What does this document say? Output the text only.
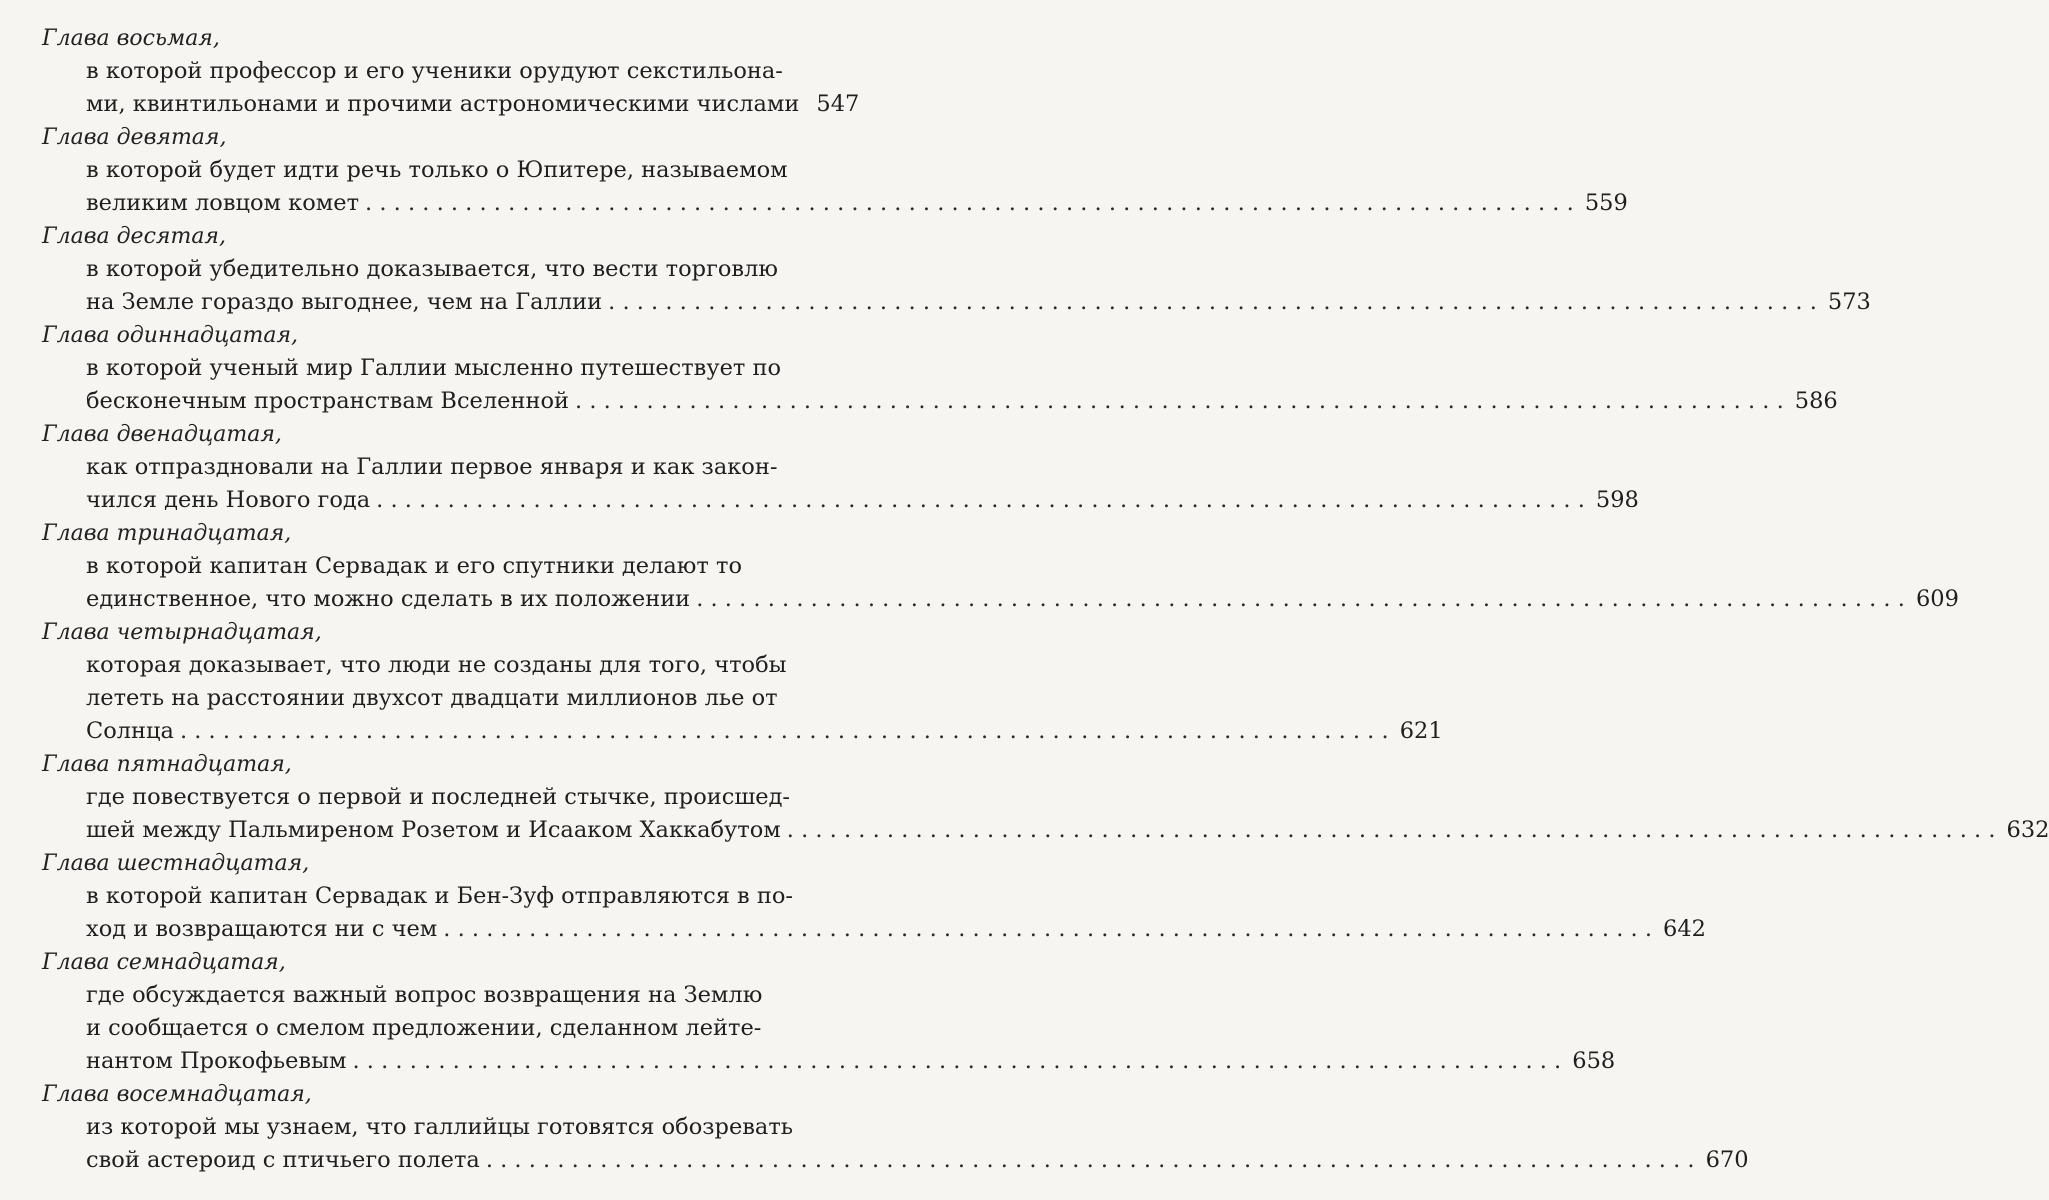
Глава восьмая,
в которой профессор и его ученики орудуют секстильона-
ми, квинтильонами и прочими астрономическими числами 547
Глава девятая,
в которой будет идти речь только о Юпитере, называемом
великим ловцом комет . . .	559
Глава десятая,
в которой убедительно доказывается, что вести торговлю
на Земле гораздо выгоднее, чем на Галлии . . .	573
Глава одиннадцатая,
в которой ученый мир Галлии мысленно путешествует по
бесконечным пространствам Вселенной . . .	586
Глава двенадцатая,
как отпраздновали на Галлии первое января и как закон-
чился день Нового года . . .	598
Глава тринадцатая,
в которой капитан Сервадак и его спутники делают то
единственное, что можно сделать в их положении . . .	609
Глава четырнадцатая,
которая доказывает, что люди не созданы для того, чтобы
лететь на расстоянии двухсот двадцати миллионов лье от
Солнца . . .	621
Глава пятнадцатая,
где повествуется о первой и последней стычке, происшед-
шей между Пальмиреном Розетом и Исааком Хаккабутом . . .	632
Глава шестнадцатая,
в которой капитан Сервадак и Бен-Зуф отправляются в по-
ход и возвращаются ни с чем . . .	642
Глава семнадцатая,
где обсуждается важный вопрос возвращения на Землю
и сообщается о смелом предложении, сделанном лейте-
нантом Прокофьевым . . .	658
Глава восемнадцатая,
из которой мы узнаем, что галлийцы готовятся обозревать
свой астероид с птичьего полета . . .	670
